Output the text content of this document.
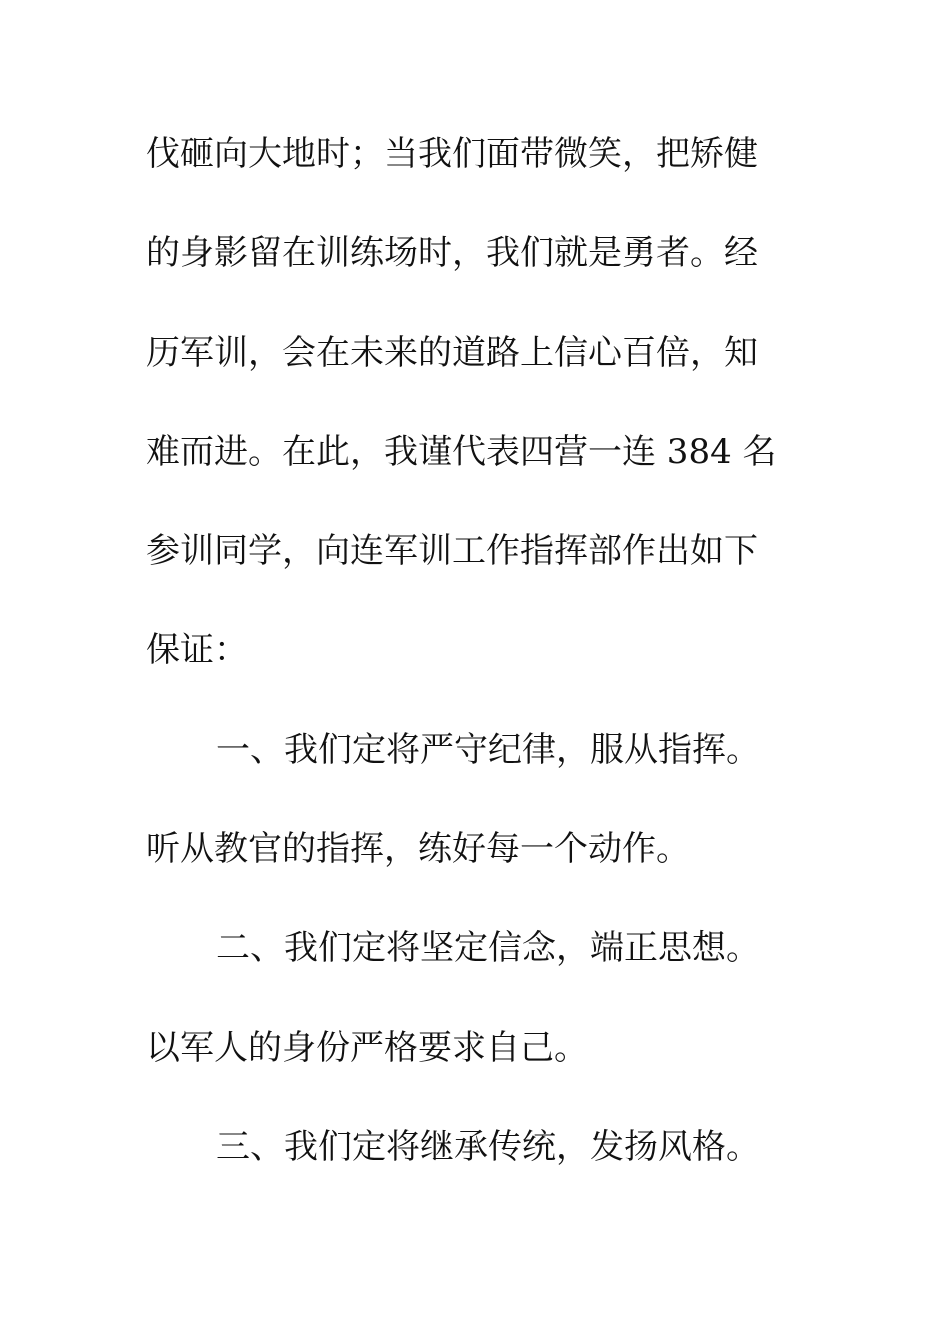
伐砸向大地时；当我们面带微笑，把矫健
的身影留在训练场时，我们就是勇者。经
历军训，会在未来的道路上信心百倍，知
难而进。在此，我谨代表四营一连 384 名
参训同学，向连军训工作指挥部作出如下
保证：
一、我们定将严守纪律，服从指挥。
听从教官的指挥，练好每一个动作。
二、我们定将坚定信念，端正思想。
以军人的身份严格要求自己。
三、我们定将继承传统，发扬风格。
